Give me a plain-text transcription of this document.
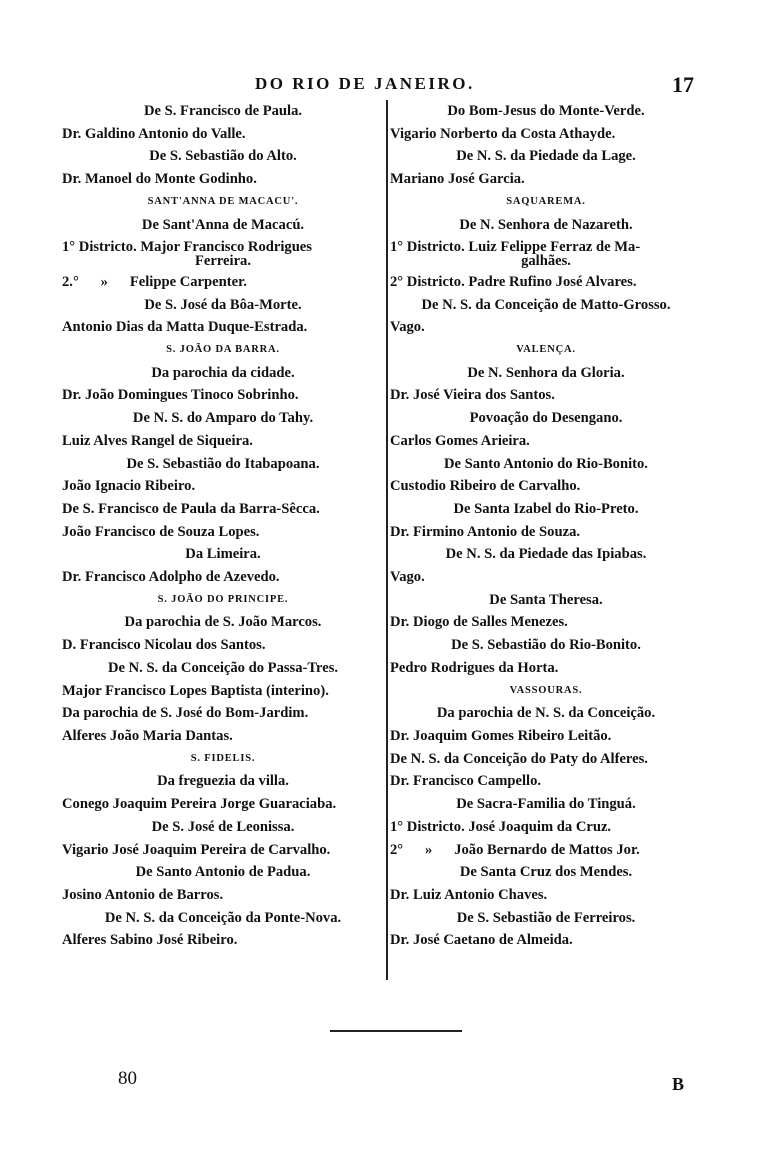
DO RIO DE JANEIRO.	17
De S. Francisco de Paula.
Dr. Galdino Antonio do Valle.
De S. Sebastião do Alto.
Dr. Manoel do Monte Godinho.
SANT'ANNA DE MACACU'.
De Sant'Anna de Macacú.
1° Districto. Major Francisco Rodrigues
Ferreira.
2.°      »      Felippe Carpenter.
De S. José da Bôa-Morte.
Antonio Dias da Matta Duque-Estrada.
S. JOÃO DA BARRA.
Da parochia da cidade.
Dr. João Domingues Tinoco Sobrinho.
De N. S. do Amparo do Tahy.
Luiz Alves Rangel de Siqueira.
De S. Sebastião do Itabapoana.
João Ignacio Ribeiro.
De S. Francisco de Paula da Barra-Sêcca.
João Francisco de Souza Lopes.
Da Limeira.
Dr. Francisco Adolpho de Azevedo.
S. JOÃO DO PRINCIPE.
Da parochia de S. João Marcos.
D. Francisco Nicolau dos Santos.
De N. S. da Conceição do Passa-Tres.
Major Francisco Lopes Baptista (interino).
Da parochia de S. José do Bom-Jardim.
Alferes João Maria Dantas.
S. FIDELIS.
Da freguezia da villa.
Conego Joaquim Pereira Jorge Guaraciaba.
De S. José de Leonissa.
Vigario José Joaquim Pereira de Carvalho.
De Santo Antonio de Padua.
Josino Antonio de Barros.
De N. S. da Conceição da Ponte-Nova.
Alferes Sabino José Ribeiro.
Do Bom-Jesus do Monte-Verde.
Vigario Norberto da Costa Athayde.
De N. S. da Piedade da Lage.
Mariano José Garcia.
SAQUAREMA.
De N. Senhora de Nazareth.
1° Districto. Luiz Felippe Ferraz de Ma-
galhães.
2° Districto. Padre Rufino José Alvares.
De N. S. da Conceição de Matto-Grosso.
Vago.
VALENÇA.
De N. Senhora da Gloria.
Dr. José Vieira dos Santos.
Povoação do Desengano.
Carlos Gomes Arieira.
De Santo Antonio do Rio-Bonito.
Custodio Ribeiro de Carvalho.
De Santa Izabel do Rio-Preto.
Dr. Firmino Antonio de Souza.
De N. S. da Piedade das Ipiabas.
Vago.
De Santa Theresa.
Dr. Diogo de Salles Menezes.
De S. Sebastião do Rio-Bonito.
Pedro Rodrigues da Horta.
VASSOURAS.
Da parochia de N. S. da Conceição.
Dr. Joaquim Gomes Ribeiro Leitão.
De N. S. da Conceição do Paty do Alferes.
Dr. Francisco Campello.
De Sacra-Familia do Tinguá.
1° Districto. José Joaquim da Cruz.
2°      »      João Bernardo de Mattos Jor.
De Santa Cruz dos Mendes.
Dr. Luiz Antonio Chaves.
De S. Sebastião de Ferreiros.
Dr. José Caetano de Almeida.
80	B
